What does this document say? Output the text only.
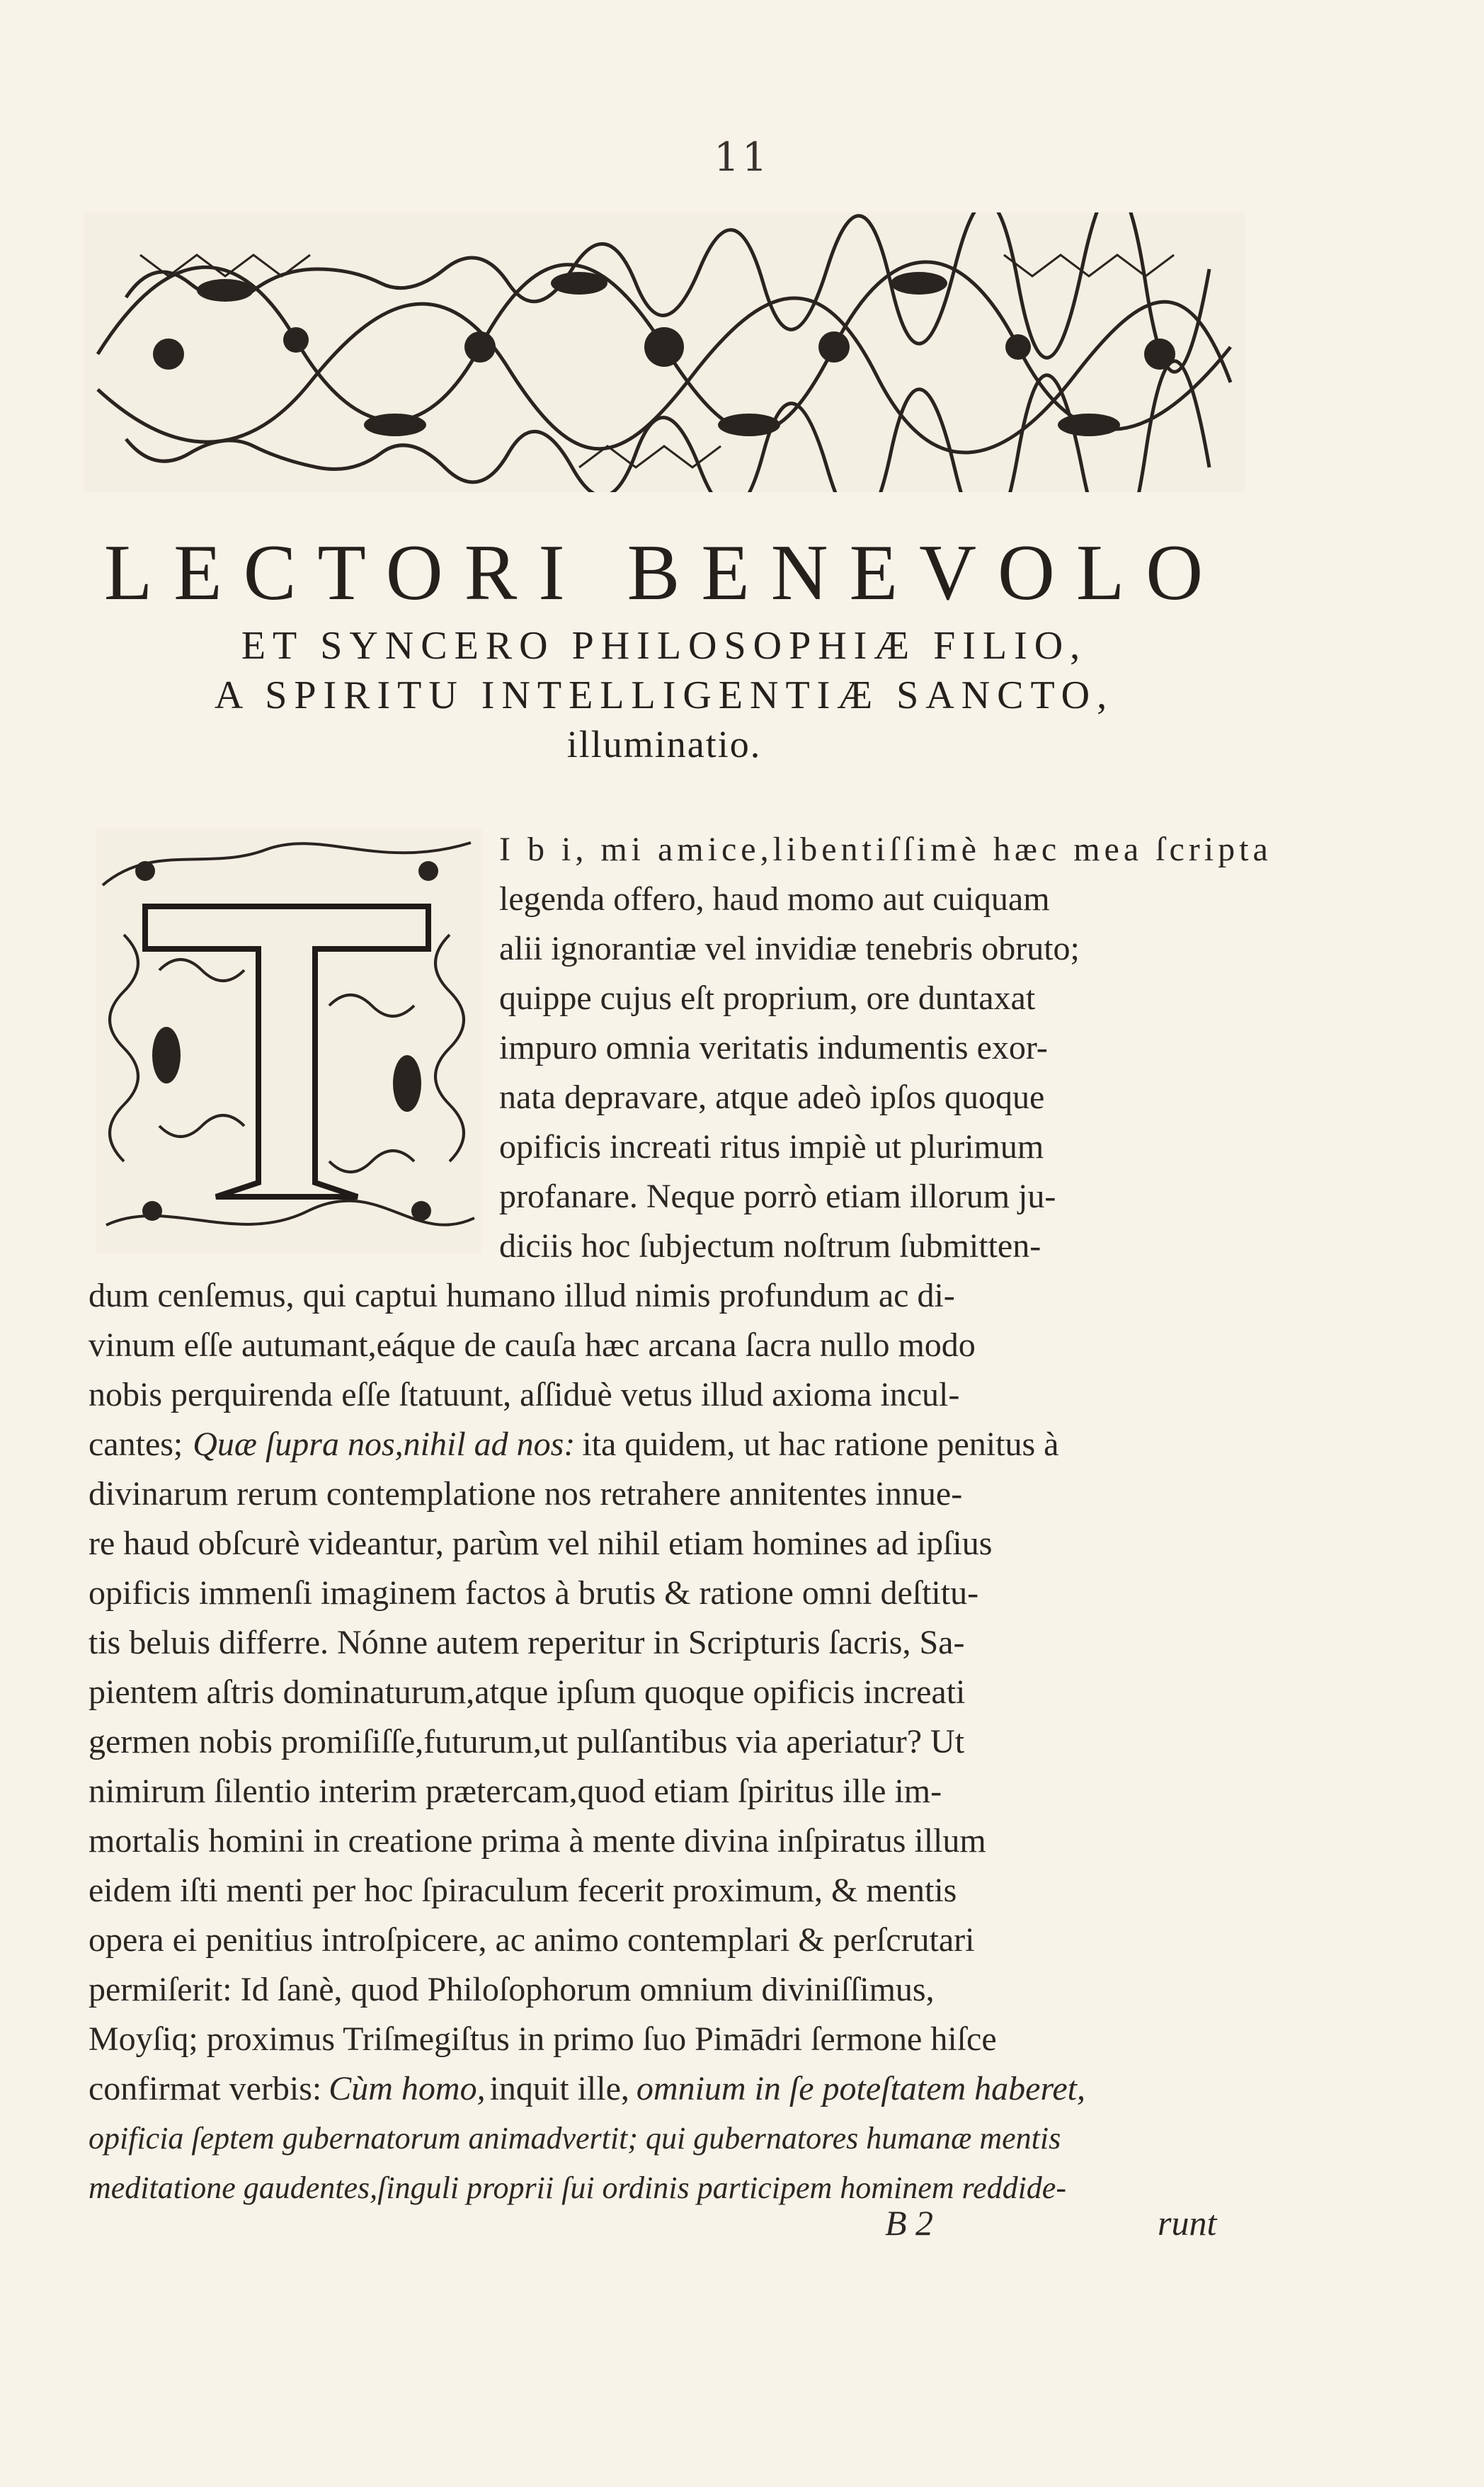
11
LECTORI BENEVOLO
ET SYNCERO PHILOSOPHIÆ FILIO,
A SPIRITU INTELLIGENTIÆ SANCTO,
illuminatio.
T
I b i, mi amice,libentiſſimè hæc mea ſcripta
legenda offero, haud momo aut cuiquam
alii ignorantiæ vel invidiæ tenebris obruto;
quippe cujus eſt proprium, ore duntaxat
impuro omnia veritatis indumentis exor-
nata depravare, atque adeò ipſos quoque
opificis increati ritus impiè ut plurimum
profanare. Neque porrò etiam illorum ju-
diciis hoc ſubjectum noſtrum ſubmitten-
dum cenſemus, qui captui humano illud nimis profundum ac di-
vinum eſſe autumant,eáque de cauſa hæc arcana ſacra nullo modo
nobis perquirenda eſſe ſtatuunt, aſſiduè vetus illud axioma incul-
cantes; Quæ ſupra nos,nihil ad nos: ita quidem, ut hac ratione penitus à
divinarum rerum contemplatione nos retrahere annitentes innue-
re haud obſcurè videantur, parùm vel nihil etiam homines ad ipſius
opificis immenſi imaginem factos à brutis & ratione omni deſtitu-
tis beluis differre. Nónne autem reperitur in Scripturis ſacris, Sa-
pientem aſtris dominaturum,atque ipſum quoque opificis increati
germen nobis promiſiſſe,futurum,ut pulſantibus via aperiatur? Ut
nimirum ſilentio interim prætercam,quod etiam ſpiritus ille im-
mortalis homini in creatione prima à mente divina inſpiratus illum
eidem iſti menti per hoc ſpiraculum fecerit proximum, & mentis
opera ei penitius introſpicere, ac animo contemplari & perſcrutari
permiſerit: Id ſanè, quod Philoſophorum omnium diviniſſimus,
Moyſiq; proximus Triſmegiſtus in primo ſuo Pimādri ſermone hiſce
confirmat verbis: Cùm homo, inquit ille, omnium in ſe poteſtatem haberet,
opificia ſeptem gubernatorum animadvertit; qui gubernatores humanæ mentis
meditatione gaudentes,ſinguli proprii ſui ordinis participem hominem reddide-
B 2	runt
